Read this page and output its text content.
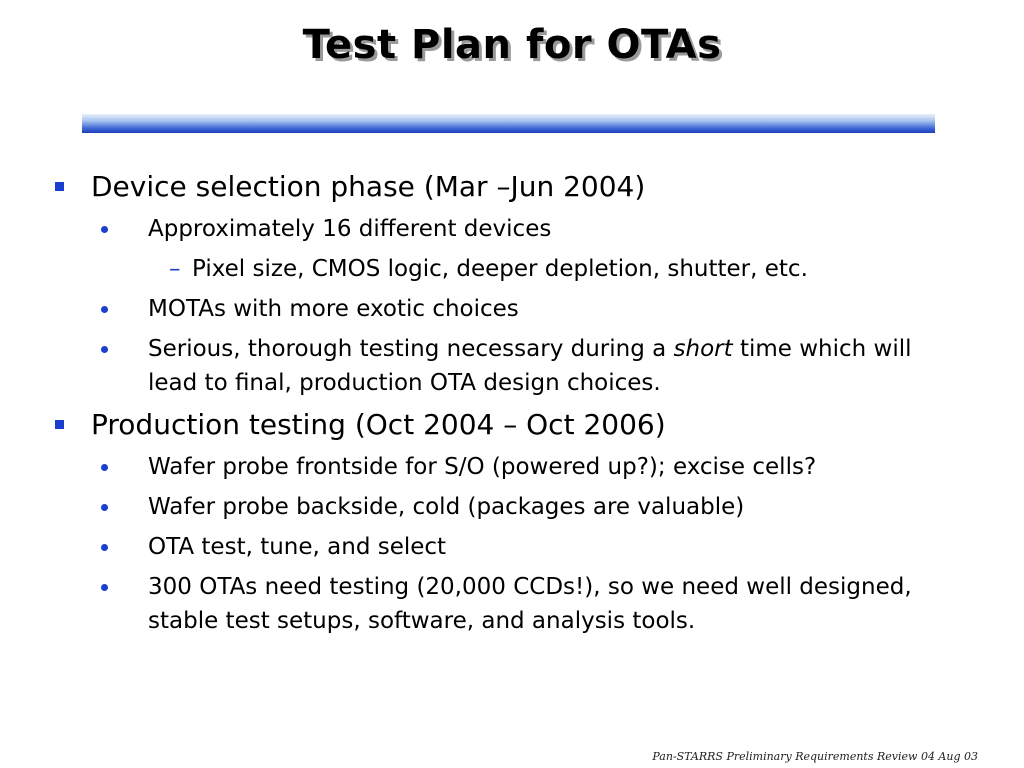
Test Plan for OTAs
Device selection phase (Mar –Jun 2004)
Approximately 16 different devices
– Pixel size, CMOS logic, deeper depletion, shutter, etc.
MOTAs with more exotic choices
Serious, thorough testing necessary during a short time which will lead to final, production OTA design choices.
Production testing (Oct 2004 – Oct 2006)
Wafer probe frontside for S/O (powered up?); excise cells?
Wafer probe backside, cold (packages are valuable)
OTA test, tune, and select
300 OTAs need testing (20,000 CCDs!), so we need well designed, stable test setups, software, and analysis tools.
Pan-STARRS Preliminary Requirements Review 04 Aug 03
